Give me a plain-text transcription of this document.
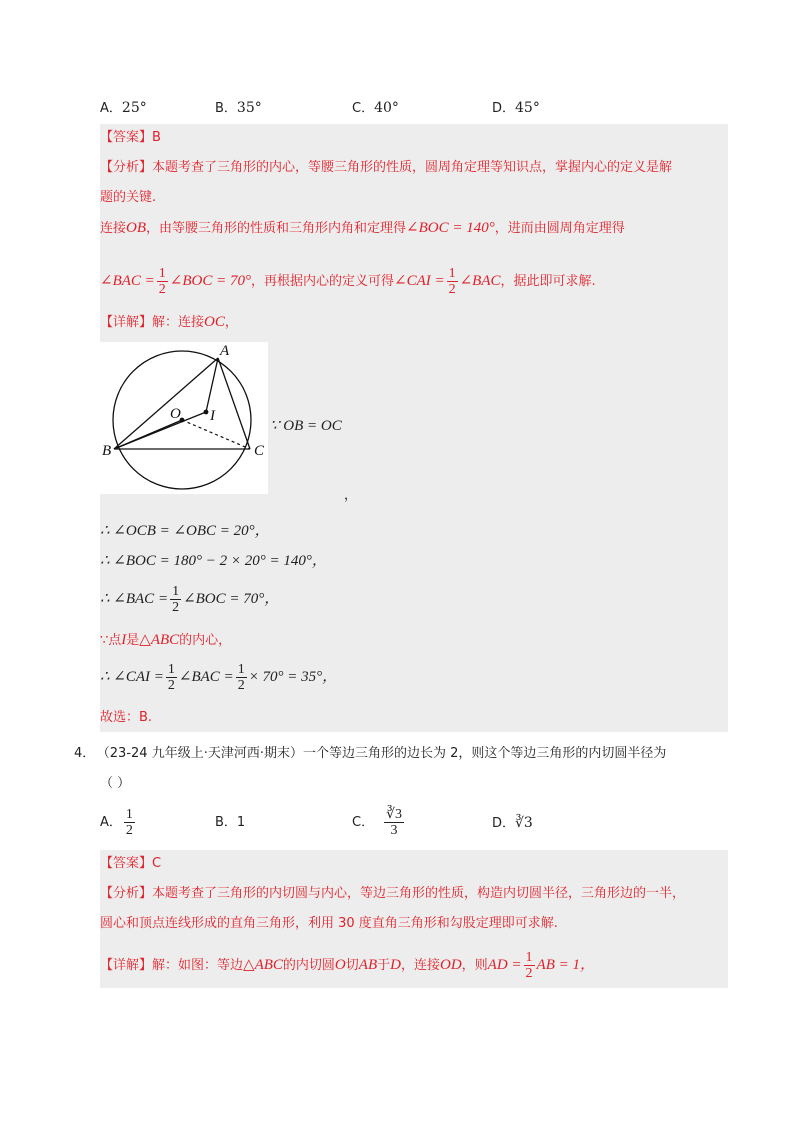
A．25°	B．35°	C．40°	D．45°
【答案】B
【分析】本题考查了三角形的内心，等腰三角形的性质，圆周角定理等知识点，掌握内心的定义是解
题的关键.
连接OB，由等腰三角形的性质和三角形内角和定理得∠BOC = 140°，进而由圆周角定理得
∠BAC = $\frac{1}{2}$ ∠BOC = 70°，再根据内心的定义可得∠CAI = $\frac{1}{2}$ ∠BAC，据此即可求解.
【详解】解：连接OC，
A
B	C
O I
∵ OB = OC
，
∴ ∠OCB = ∠OBC = 20°，
∴ ∠BOC = 180° − 2 × 20° = 140°，
∴ ∠BAC = $\frac{1}{2}$ ∠BOC = 70°，
∵点I是△ABC的内心，
∴ ∠CAI = $\frac{1}{2}$ ∠BAC = $\frac{1}{2} \times 70^\circ = 35^\circ$，
故选：B.
4． （23-24 九年级上·天津河西·期末）一个等边三角形的边长为 2，则这个等边三角形的内切圆半径为
（ ）
A． $\frac{1}{2}$	B．1	C． $\frac{∛3}{3}$	D．∛3
【答案】C
【分析】本题考查了三角形的内切圆与内心，等边三角形的性质，构造内切圆半径，三角形边的一半，
圆心和顶点连线形成的直角三角形，利用 30 度直角三角形和勾股定理即可求解.
【详解】解：如图：等边△ABC的内切圆O切AB于D，连接OD，则AD = $\frac{1}{2}$ AB = 1，
